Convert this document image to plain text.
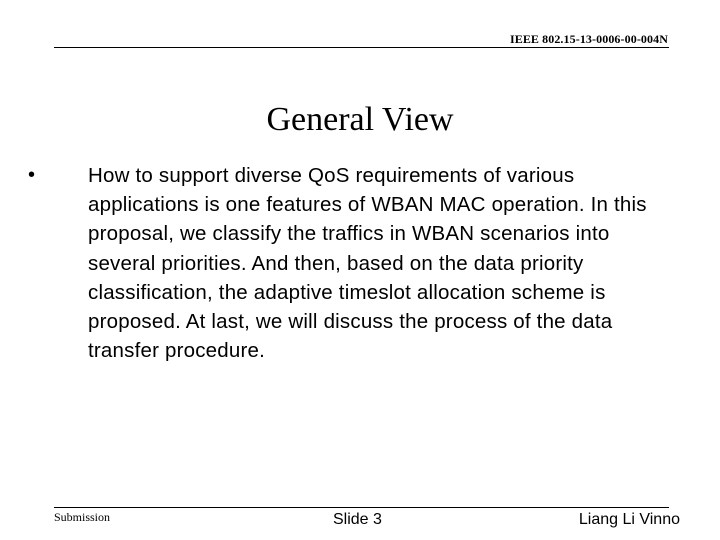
IEEE 802.15-13-0006-00-004N
General View
•	How to support diverse QoS requirements of various applications is one features of WBAN MAC operation. In this proposal, we classify the traffics in WBAN scenarios into several priorities. And then, based on the data priority classification, the adaptive timeslot allocation scheme is proposed. At last, we will discuss the process of the data transfer procedure.
Submission	Slide 3	Liang Li Vinno
